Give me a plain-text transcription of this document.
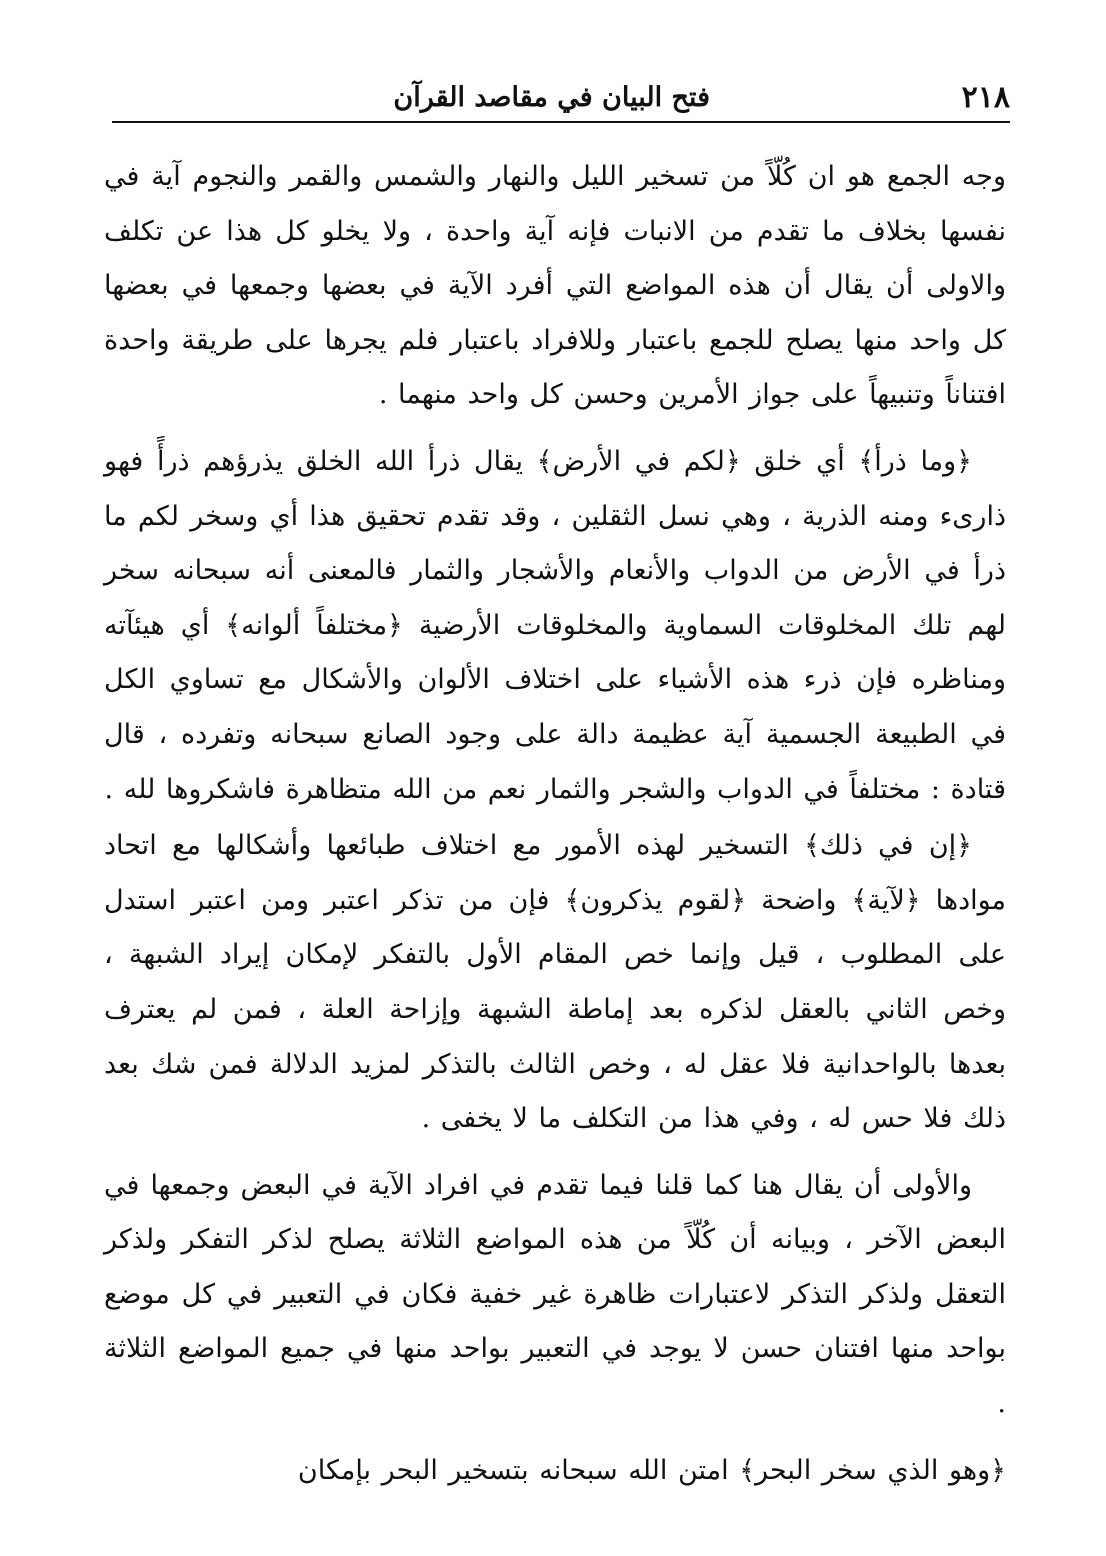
٢١٨
فتح البيان في مقاصد القرآن

وجه الجمع هو ان كُلّاً من تسخير الليل والنهار والشمس والقمر والنجوم آية في نفسها بخلاف ما تقدم من الانبات فإنه آية واحدة ، ولا يخلو كل هذا عن تكلف والاولى أن يقال أن هذه المواضع التي أفرد الآية في بعضها وجمعها في بعضها كل واحد منها يصلح للجمع باعتبار وللافراد باعتبار فلم يجرها على طريقة واحدة افتناناً وتنبيهاً على جواز الأمرين وحسن كل واحد منهما .

﴿وما ذرأ﴾ أي خلق ﴿لكم في الأرض﴾ يقال ذرأ الله الخلق يذرؤهم ذرأً فهو ذارىء ومنه الذرية ، وهي نسل الثقلين ، وقد تقدم تحقيق هذا أي وسخر لكم ما ذرأ في الأرض من الدواب والأنعام والأشجار والثمار فالمعنى أنه سبحانه سخر لهم تلك المخلوقات السماوية والمخلوقات الأرضية ﴿مختلفاً ألوانه﴾ أي هيئآته ومناظره فإن ذرء هذه الأشياء على اختلاف الألوان والأشكال مع تساوي الكل في الطبيعة الجسمية آية عظيمة دالة على وجود الصانع سبحانه وتفرده ، قال قتادة : مختلفاً في الدواب والشجر والثمار نعم من الله متظاهرة فاشكروها لله .

﴿إن في ذلك﴾ التسخير لهذه الأمور مع اختلاف طبائعها وأشكالها مع اتحاد موادها ﴿لآية﴾ واضحة ﴿لقوم يذكرون﴾ فإن من تذكر اعتبر ومن اعتبر استدل على المطلوب ، قيل وإنما خص المقام الأول بالتفكر لإمكان إيراد الشبهة ، وخص الثاني بالعقل لذكره بعد إماطة الشبهة وإزاحة العلة ، فمن لم يعترف بعدها بالواحدانية فلا عقل له ، وخص الثالث بالتذكر لمزيد الدلالة فمن شك بعد ذلك فلا حس له ، وفي هذا من التكلف ما لا يخفى .

والأولى أن يقال هنا كما قلنا فيما تقدم في افراد الآية في البعض وجمعها في البعض الآخر ، وبيانه أن كُلّاً من هذه المواضع الثلاثة يصلح لذكر التفكر ولذكر التعقل ولذكر التذكر لاعتبارات ظاهرة غير خفية فكان في التعبير في كل موضع بواحد منها افتنان حسن لا يوجد في التعبير بواحد منها في جميع المواضع الثلاثة .

﴿وهو الذي سخر البحر﴾ امتن الله سبحانه بتسخير البحر بإمكان
